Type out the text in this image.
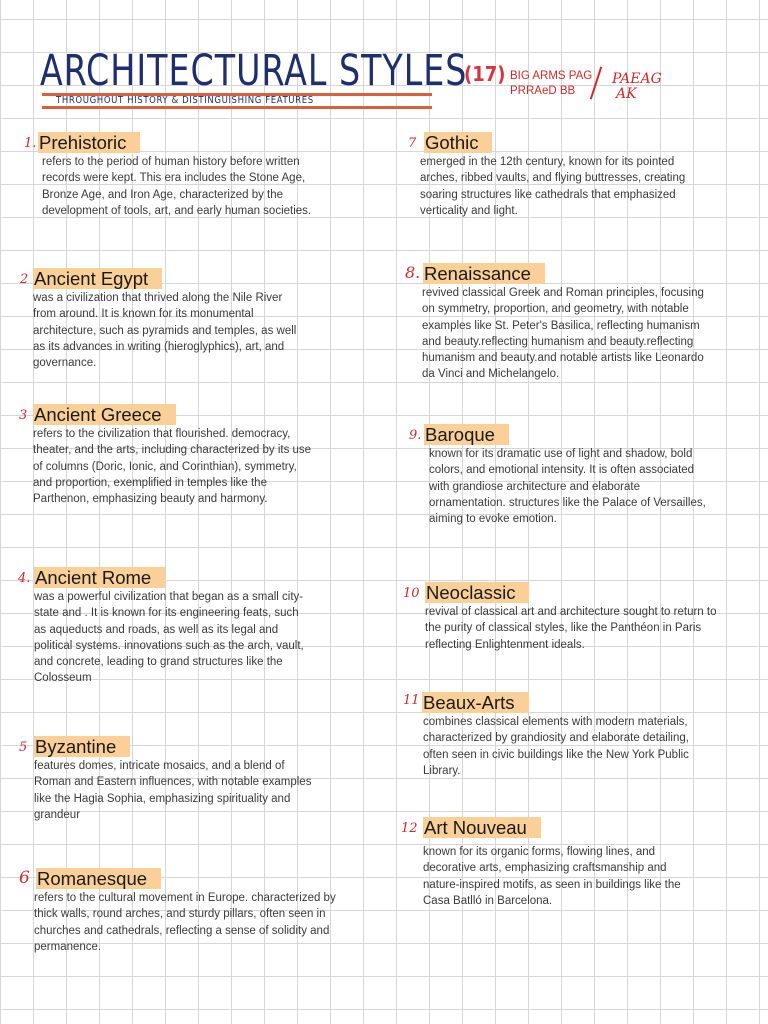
ARCHITECTURAL STYLES
THROUGHOUT HISTORY & DISTINGUISHING FEATURES
(17) BIG ARMS PAG
PRRAeD BB
PAEAG
AK
1. Prehistoric

refers to the period of human history before written records were kept. This era includes the Stone Age, Bronze Age, and Iron Age, characterized by the development of tools, art, and early human societies.

2 Ancient Egypt

was a civilization that thrived along the Nile River from around. It is known for its monumental architecture, such as pyramids and temples, as well as its advances in writing (hieroglyphics), art, and governance.

3 Ancient Greece

refers to the civilization that flourished. democracy, theater, and the arts, including characterized by its use of columns (Doric, Ionic, and Corinthian), symmetry, and proportion, exemplified in temples like the Parthenon, emphasizing beauty and harmony.

4. Ancient Rome

was a powerful civilization that began as a small city-state and . It is known for its engineering feats, such as aqueducts and roads, as well as its legal and political systems. innovations such as the arch, vault, and concrete, leading to grand structures like the Colosseum

5 Byzantine

features domes, intricate mosaics, and a blend of Roman and Eastern influences, with notable examples like the Hagia Sophia, emphasizing spirituality and grandeur

6 Romanesque

refers to the cultural movement in Europe. characterized by thick walls, round arches, and sturdy pillars, often seen in churches and cathedrals, reflecting a sense of solidity and permanence.

7 Gothic

emerged in the 12th century, known for its pointed arches, ribbed vaults, and flying buttresses, creating soaring structures like cathedrals that emphasized verticality and light.

8. Renaissance

revived classical Greek and Roman principles, focusing on symmetry, proportion, and geometry, with notable examples like St. Peter's Basilica, reflecting humanism and beauty.reflecting humanism and beauty.reflecting humanism and beauty.and notable artists like Leonardo da Vinci and Michelangelo.

9. Baroque

known for its dramatic use of light and shadow, bold colors, and emotional intensity. It is often associated with grandiose architecture and elaborate ornamentation. structures like the Palace of Versailles, aiming to evoke emotion.

10 Neoclassic

revival of classical art and architecture sought to return to the purity of classical styles, like the Panthéon in Paris reflecting Enlightenment ideals.

11 Beaux-Arts

combines classical elements with modern materials, characterized by grandiosity and elaborate detailing, often seen in civic buildings like the New York Public Library.

12 Art Nouveau

known for its organic forms, flowing lines, and decorative arts, emphasizing craftsmanship and nature-inspired motifs, as seen in buildings like the Casa Batlló in Barcelona.
